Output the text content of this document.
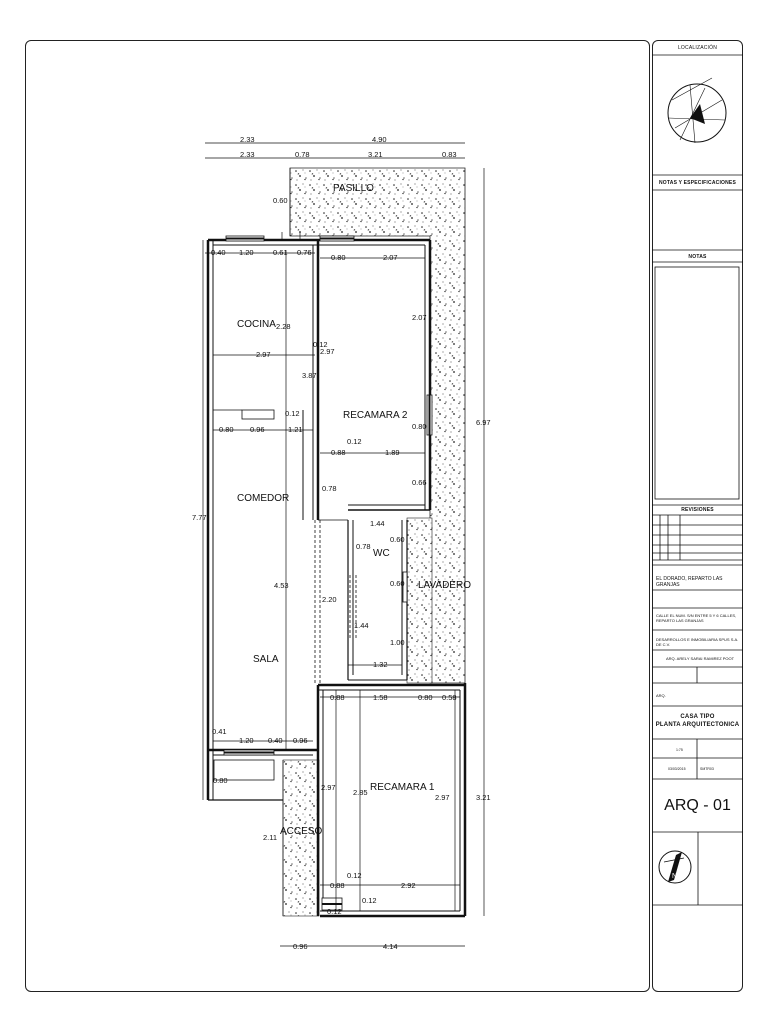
PASILLO
COCINA
RECAMARA 2
COMEDOR
WC
LAVADERO
SALA
RECAMARA 1
ACCESO
2.33	4.90
2.33	0.78	3.21	0.83
0.60
0.40 1.20	0.61 0.76
0.80	2.07
2.07
2.28
2.97
0.12
2.97
3.87
0.12
0.80 0.96	1.21	0.80
0.12
0.88	1.89
0.66
0.78
6.97
7.77
1.44
0.78
0.60
0.60
4.53
2.20
1.44
1.00
1.32
0.88	1.58	0.80 0.58
0.41
1.20 0.40 0.96
0.80
2.97
2.85
2.97	3.21
2.11
0.12
0.88	2.92
0.12
0.12
0.96	4.14
N
LOCALIZACIÓN
NOTAS Y ESPECIFICACIONES
NOTAS
REVISIONES
EL DORADO, REPARTO LAS GRANJAS
CALLE EL NUM. S/N ENTRE 5 Y 6 CALLES, REPARTO LAS GRANJAS
DESARROLLOS E INMOBILIARIA SPUS S.A. DE C.V.
ARQ. ARELY SARAI RAMIREZ POOT
ARQ.
CASA TIPO
PLANTA ARQUITECTONICA
1:75
03/03/2015	SMTR03
ARQ - 01
